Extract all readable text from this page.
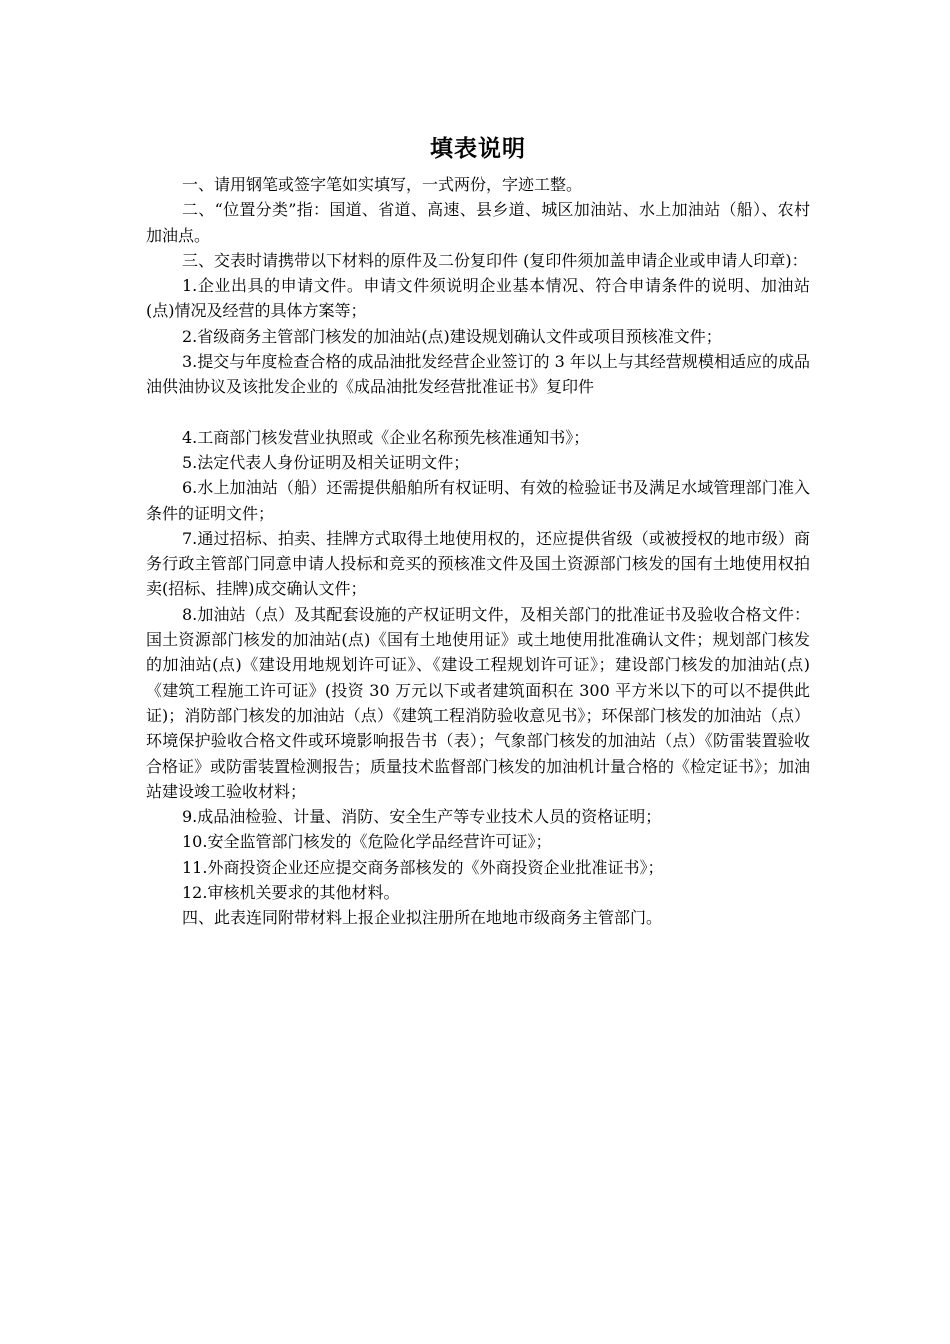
填表说明

一、请用钢笔或签字笔如实填写，一式两份，字迹工整。

二、“位置分类”指：国道、省道、高速、县乡道、城区加油站、水上加油站（船）、农村加油点。

三、交表时请携带以下材料的原件及二份复印件 (复印件须加盖申请企业或申请人印章)：

1.企业出具的申请文件。申请文件须说明企业基本情况、符合申请条件的说明、加油站(点)情况及经营的具体方案等；

2.省级商务主管部门核发的加油站(点)建设规划确认文件或项目预核准文件；

3.提交与年度检查合格的成品油批发经营企业签订的 3 年以上与其经营规模相适应的成品油供油协议及该批发企业的《成品油批发经营批准证书》复印件

4.工商部门核发营业执照或《企业名称预先核准通知书》；

5.法定代表人身份证明及相关证明文件；

6.水上加油站（船）还需提供船舶所有权证明、有效的检验证书及满足水域管理部门准入条件的证明文件；

7.通过招标、拍卖、挂牌方式取得土地使用权的，还应提供省级（或被授权的地市级）商务行政主管部门同意申请人投标和竞买的预核准文件及国土资源部门核发的国有土地使用权拍卖(招标、挂牌)成交确认文件；

8.加油站（点）及其配套设施的产权证明文件，及相关部门的批准证书及验收合格文件：国土资源部门核发的加油站(点)《国有土地使用证》或土地使用批准确认文件；规划部门核发的加油站(点)《建设用地规划许可证》、《建设工程规划许可证》；建设部门核发的加油站(点)《建筑工程施工许可证》(投资 30 万元以下或者建筑面积在 300 平方米以下的可以不提供此证)；消防部门核发的加油站（点）《建筑工程消防验收意见书》；环保部门核发的加油站（点）环境保护验收合格文件或环境影响报告书（表）；气象部门核发的加油站（点）《防雷装置验收合格证》或防雷装置检测报告；质量技术监督部门核发的加油机计量合格的《检定证书》；加油站建设竣工验收材料；

9.成品油检验、计量、消防、安全生产等专业技术人员的资格证明；

10.安全监管部门核发的《危险化学品经营许可证》；

11.外商投资企业还应提交商务部核发的《外商投资企业批准证书》；

12.审核机关要求的其他材料。

四、此表连同附带材料上报企业拟注册所在地地市级商务主管部门。
